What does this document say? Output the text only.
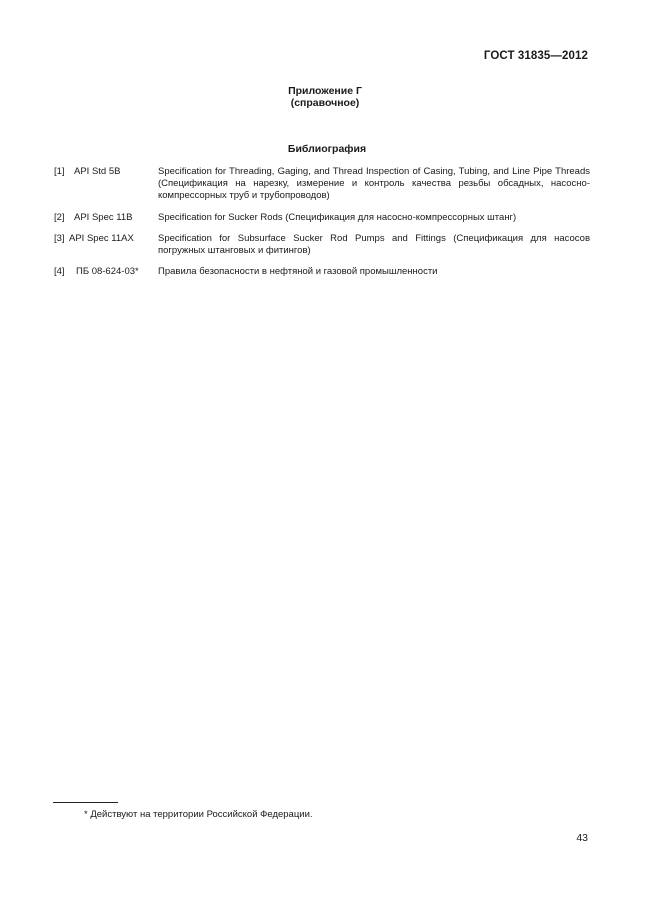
ГОСТ 31835—2012
Приложение Г
(справочное)
Библиография
[1] API Std 5B	Specification for Threading, Gaging, and Thread Inspection of Casing, Tubing, and Line Pipe Threads (Спецификация на нарезку, измерение и контроль качества резьбы обсадных, насосно-компрессорных труб и трубопроводов)
[2] API Spec 11B	Specification for Sucker Rods (Спецификация для насосно-компрессорных штанг)
[3] API Spec 11AX	Specification for Subsurface Sucker Rod Pumps and Fittings (Спецификация для насосов погружных штанговых и фитингов)
[4] ПБ 08-624-03* Правила безопасности в нефтяной и газовой промышленности
* Действуют на территории Российской Федерации.
43
